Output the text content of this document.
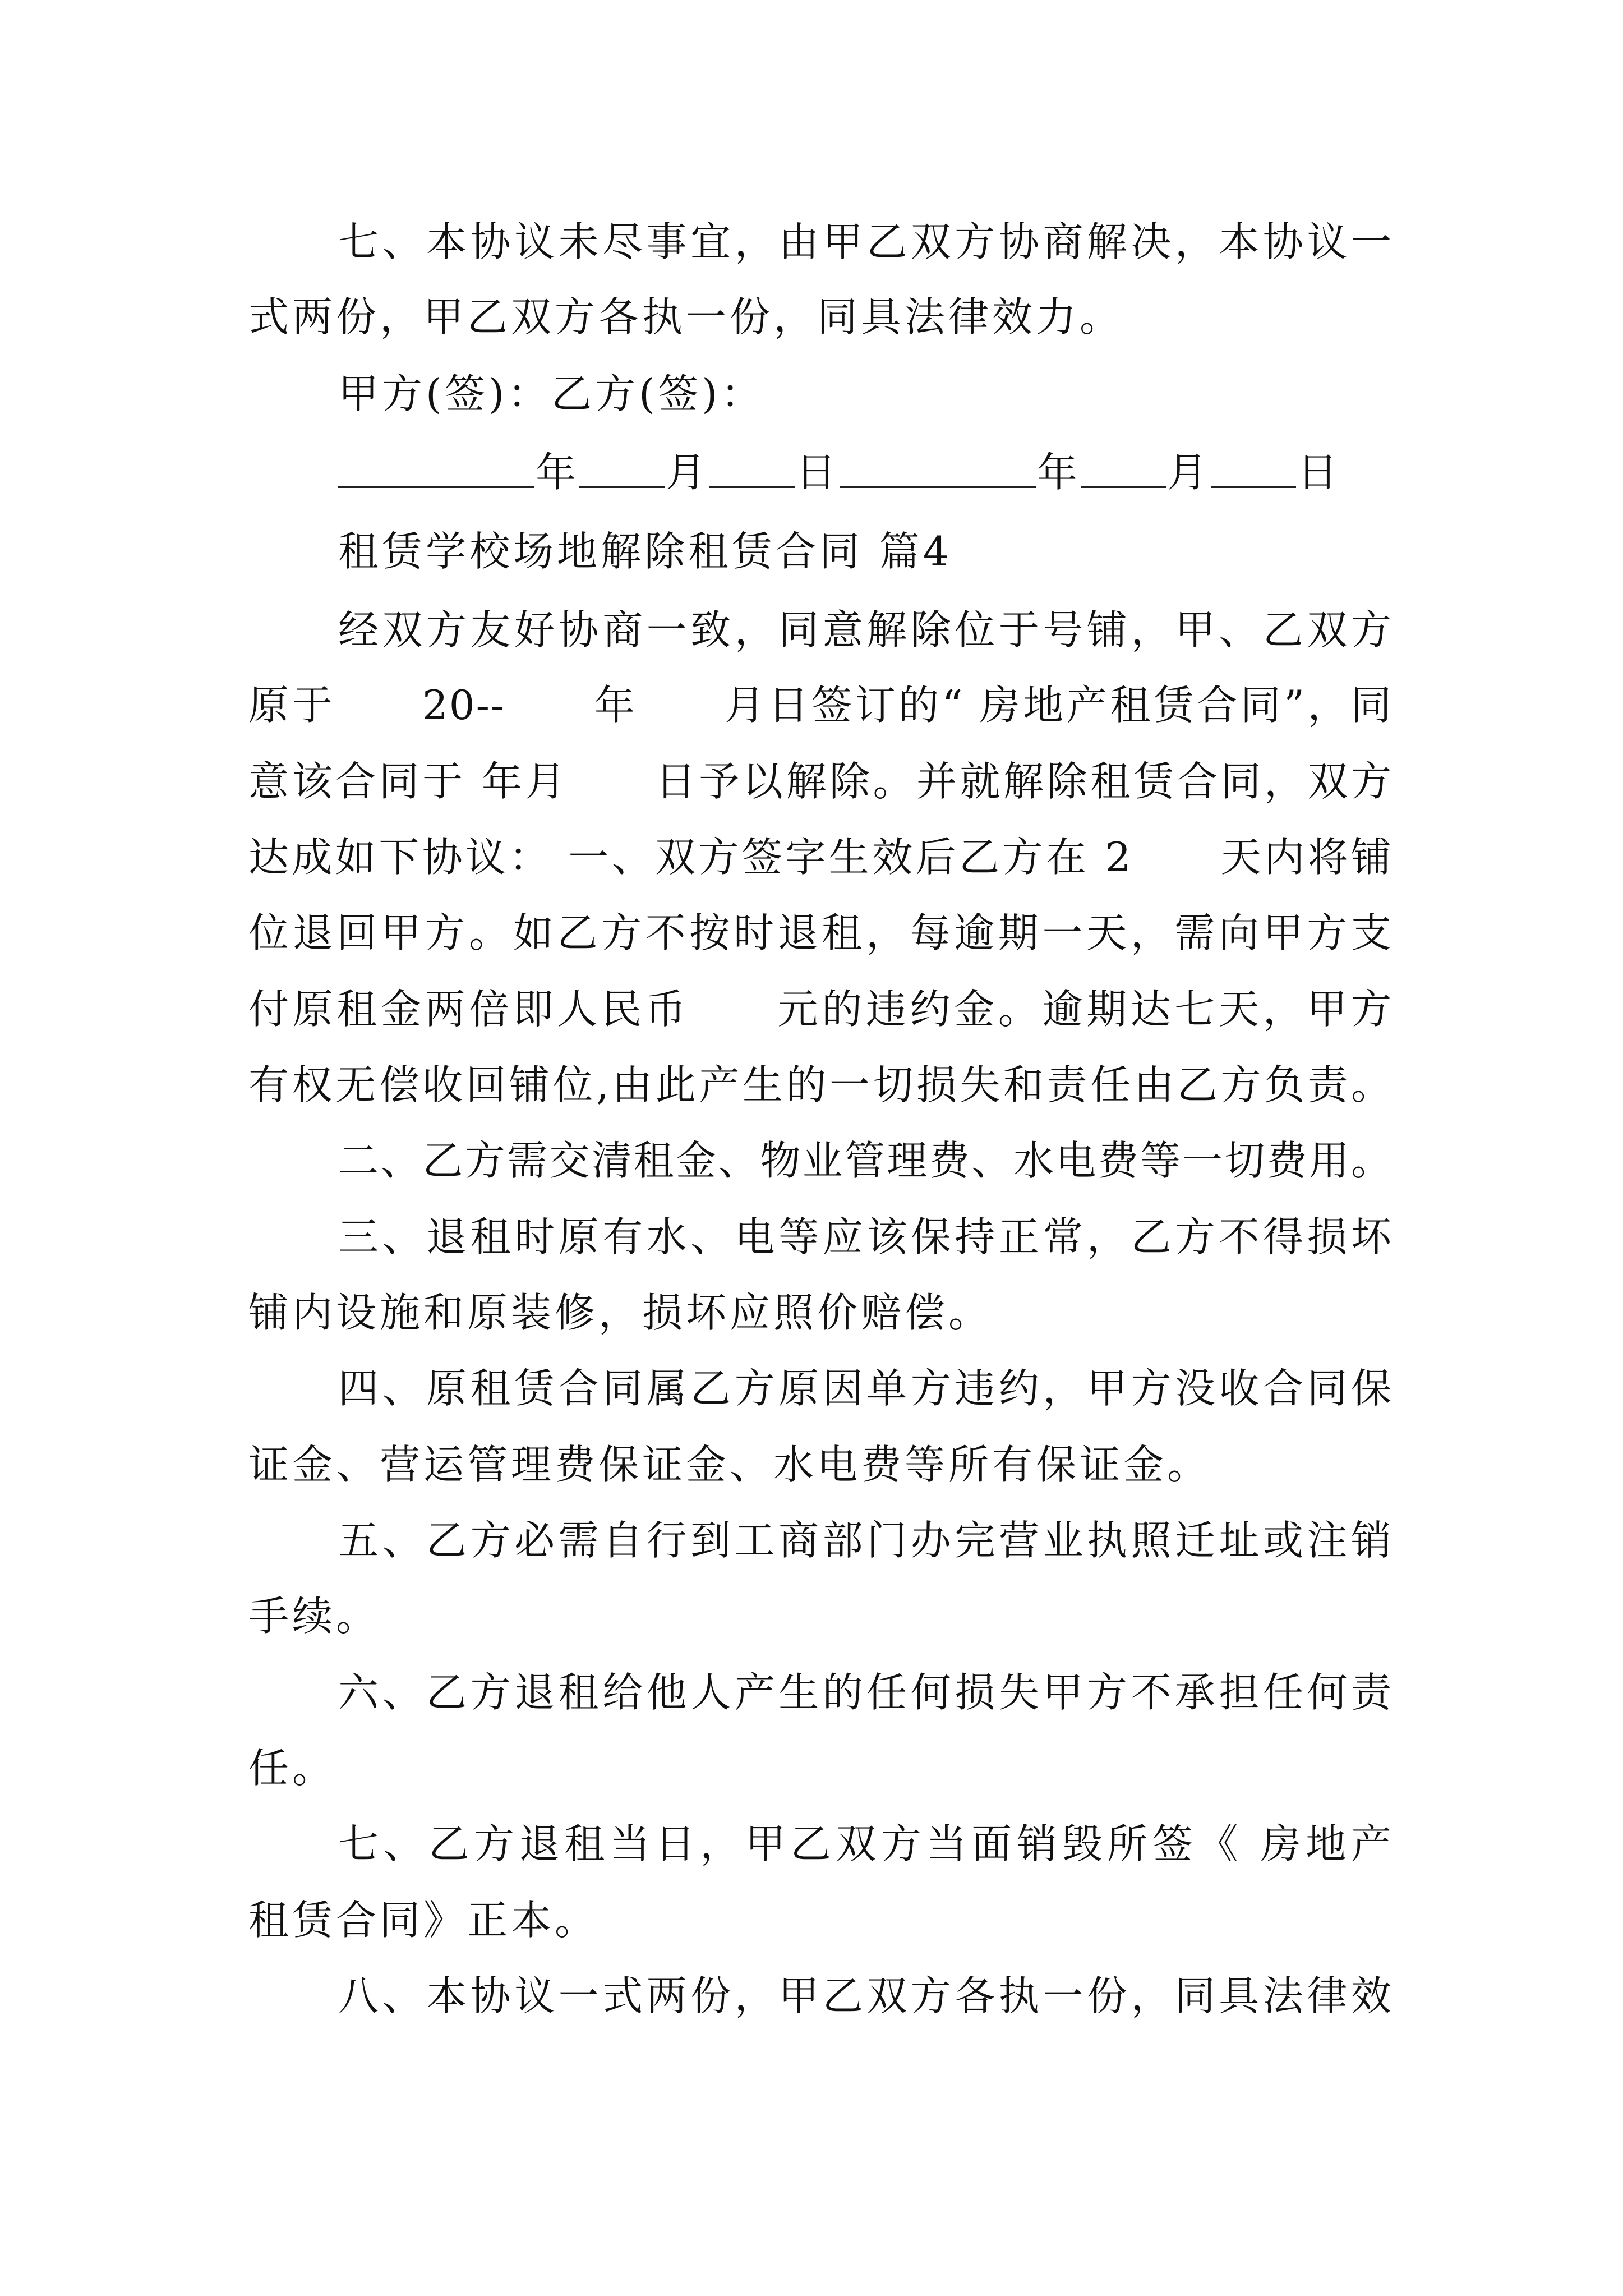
七、本协议未尽事宜，由甲乙双方协商解决，本协议一
式两份，甲乙双方各执一份，同具法律效力。
甲方(签)：乙方(签)：
年 月 日	年 月 日
租赁学校场地解除租赁合同 篇4
经双方友好协商一致，同意解除位于号铺，甲、乙双方
原于　　20--　　年　　月日签订的“ 房地产租赁合同”，同
意该合同于 年月　　日予以解除。并就解除租赁合同，双方
达成如下协议： 一、双方签字生效后乙方在 2　　天内将铺
位退回甲方。如乙方不按时退租，每逾期一天，需向甲方支
付原租金两倍即人民币　　元的违约金。逾期达七天，甲方
有权无偿收回铺位,由此产生的一切损失和责任由乙方负责。
二、乙方需交清租金、物业管理费、水电费等一切费用。
三、退租时原有水、电等应该保持正常，乙方不得损坏
铺内设施和原装修，损坏应照价赔偿。
四、原租赁合同属乙方原因单方违约，甲方没收合同保
证金、营运管理费保证金、水电费等所有保证金。
五、乙方必需自行到工商部门办完营业执照迁址或注销
手续。
六、乙方退租给他人产生的任何损失甲方不承担任何责
任。
七、乙方退租当日，甲乙双方当面销毁所签《 房地产
租赁合同》正本。
八、本协议一式两份，甲乙双方各执一份，同具法律效
